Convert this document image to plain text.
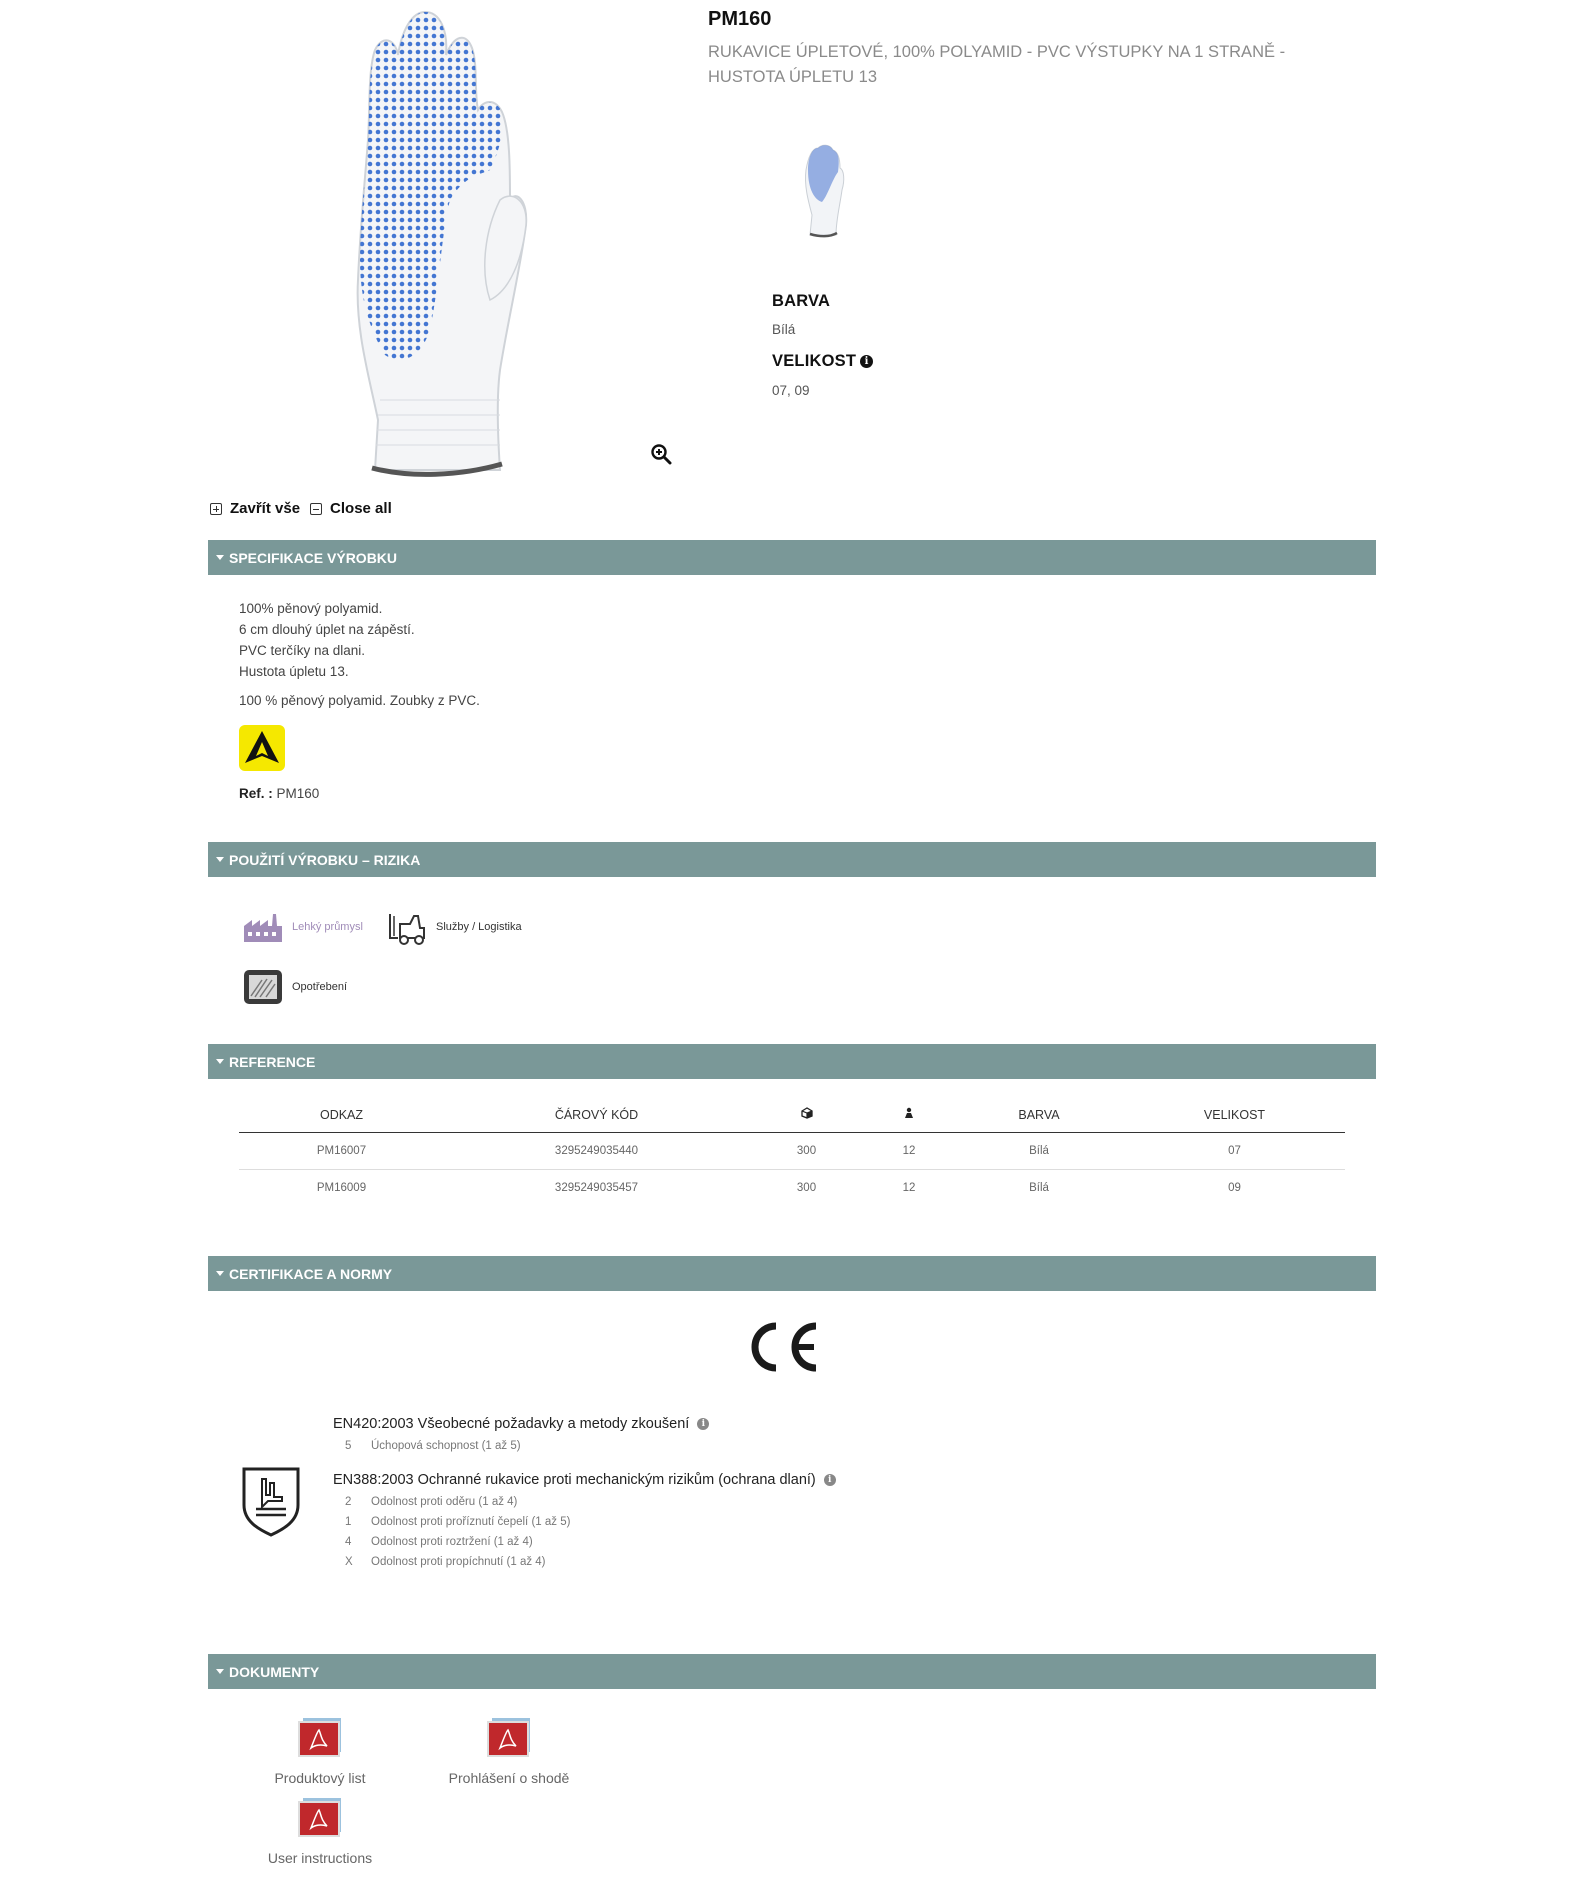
PM160
RUKAVICE ÚPLETOVÉ, 100% POLYAMID - PVC VÝSTUPKY NA 1 STRANĚ - HUSTOTA ÚPLETU 13
BARVA
Bílá
VELIKOST i
07, 09
Zavřít vše Close all
SPECIFIKACE VÝROBKU
100% pěnový polyamid.
6 cm dlouhý úplet na zápěstí.
PVC terčíky na dlani.
Hustota úpletu 13.
100 % pěnový polyamid. Zoubky z PVC.
Ref. : PM160
POUŽITÍ VÝROBKU – RIZIKA
Lehký průmysl	Služby / Logistika
Opotřebení
REFERENCE
ODKAZ	ČÁROVÝ KÓD			BARVA	VELIKOST
PM16007	3295249035440	300	12	Bílá	07
PM16009	3295249035457	300	12	Bílá	09
CERTIFIKACE A NORMY
EN420:2003 Všeobecné požadavky a metody zkoušení	i
5	Úchopová schopnost (1 až 5)
EN388:2003 Ochranné rukavice proti mechanickým rizikům (ochrana dlaní)	i
2	Odolnost proti oděru (1 až 4)
1	Odolnost proti proříznutí čepelí (1 až 5)
4	Odolnost proti roztržení (1 až 4)
X	Odolnost proti propíchnutí (1 až 4)
DOKUMENTY
Produktový list	Prohlášení o shodě
User instructions
